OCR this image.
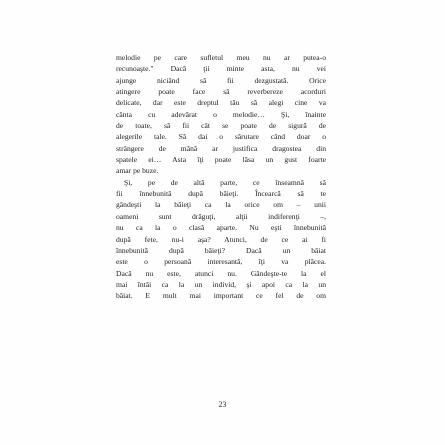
melodie pe care sufletul meu nu ar putea-o
recunoaşte." Dacă ţii minte asta, nu vei
ajunge niciând să fii dezgustată. Orice
atingere poate face să reverbereze acorduri
delicate, dar este dreptul tău să alegi cine va
cânta cu adevărat o melodie… Şi, înainte
de toate, să fii cât se poate de sigură de
alegerile tale. Să dai o sărutare când doar o
strângere de mână ar justifica dragostea din
spatele ei… Asta îţi poate lăsa un gust foarte
amar pe buze.
Şi, pe de altă parte, ce înseamnă să
fii înnebunită după băieţi. Încearcă să te
gândeşti la băieţi ca la orice om – unii
oameni sunt drăguţi, alţii indiferenţi –,
nu ca la o clasă aparte. Nu eşti înnebunită
după fete, nu-i aşa? Atunci, de ce ai fi
înnebunită după băieţi? Dacă un băiat
este o persoană interesantă, îţi va plăcea.
Dacă nu este, atunci nu. Gândeşte-te la el
mai întâi ca la un individ, şi apoi ca la un
băiat. E mult mai important ce fel de om
23
